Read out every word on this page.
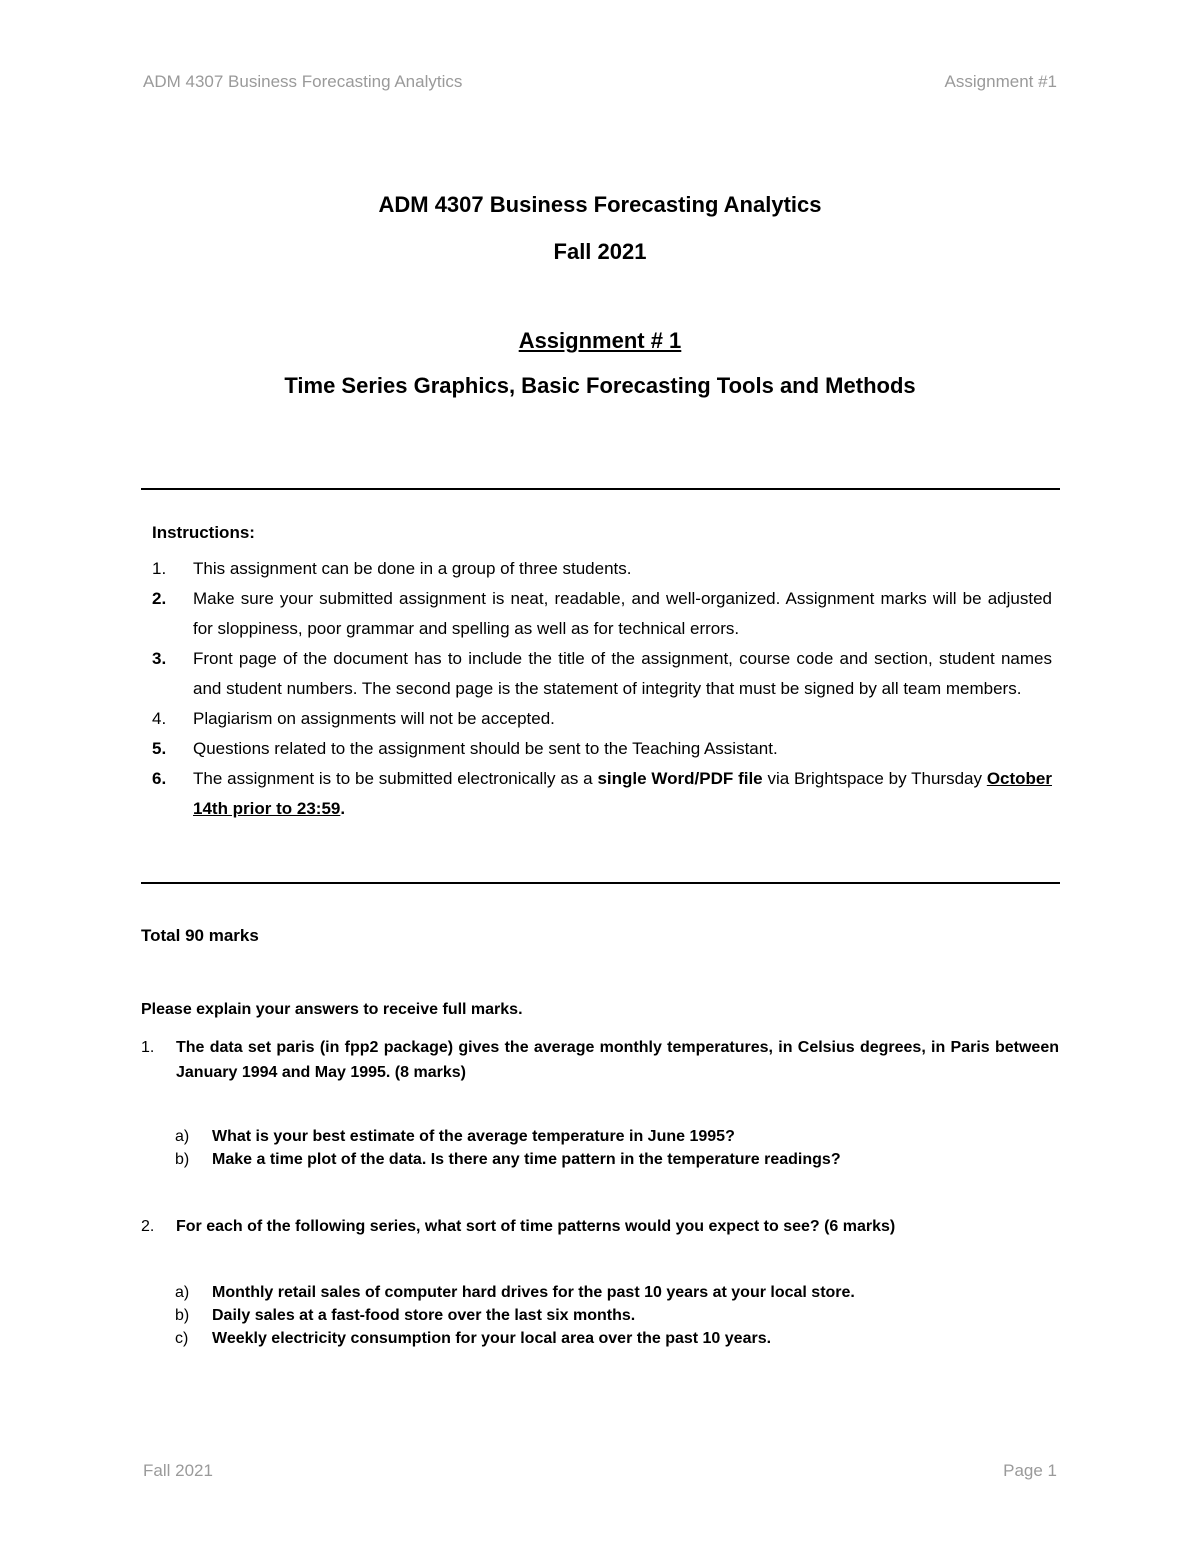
ADM 4307 Business Forecasting Analytics	Assignment #1
ADM 4307 Business Forecasting Analytics
Fall 2021
Assignment # 1
Time Series Graphics, Basic Forecasting Tools and Methods
Instructions:
1. This assignment can be done in a group of three students.
2. Make sure your submitted assignment is neat, readable, and well-organized. Assignment marks will be adjusted for sloppiness, poor grammar and spelling as well as for technical errors.
3. Front page of the document has to include the title of the assignment, course code and section, student names and student numbers. The second page is the statement of integrity that must be signed by all team members.
4. Plagiarism on assignments will not be accepted.
5. Questions related to the assignment should be sent to the Teaching Assistant.
6. The assignment is to be submitted electronically as a single Word/PDF file via Brightspace by Thursday October 14th prior to 23:59.
Total 90 marks
Please explain your answers to receive full marks.
1.	The data set paris (in fpp2 package) gives the average monthly temperatures, in Celsius degrees, in Paris between January 1994 and May 1995. (8 marks)
a) What is your best estimate of the average temperature in June 1995?
b) Make a time plot of the data. Is there any time pattern in the temperature readings?
2.	For each of the following series, what sort of time patterns would you expect to see? (6 marks)
a) Monthly retail sales of computer hard drives for the past 10 years at your local store.
b) Daily sales at a fast-food store over the last six months.
c) Weekly electricity consumption for your local area over the past 10 years.
Fall 2021	Page 1
